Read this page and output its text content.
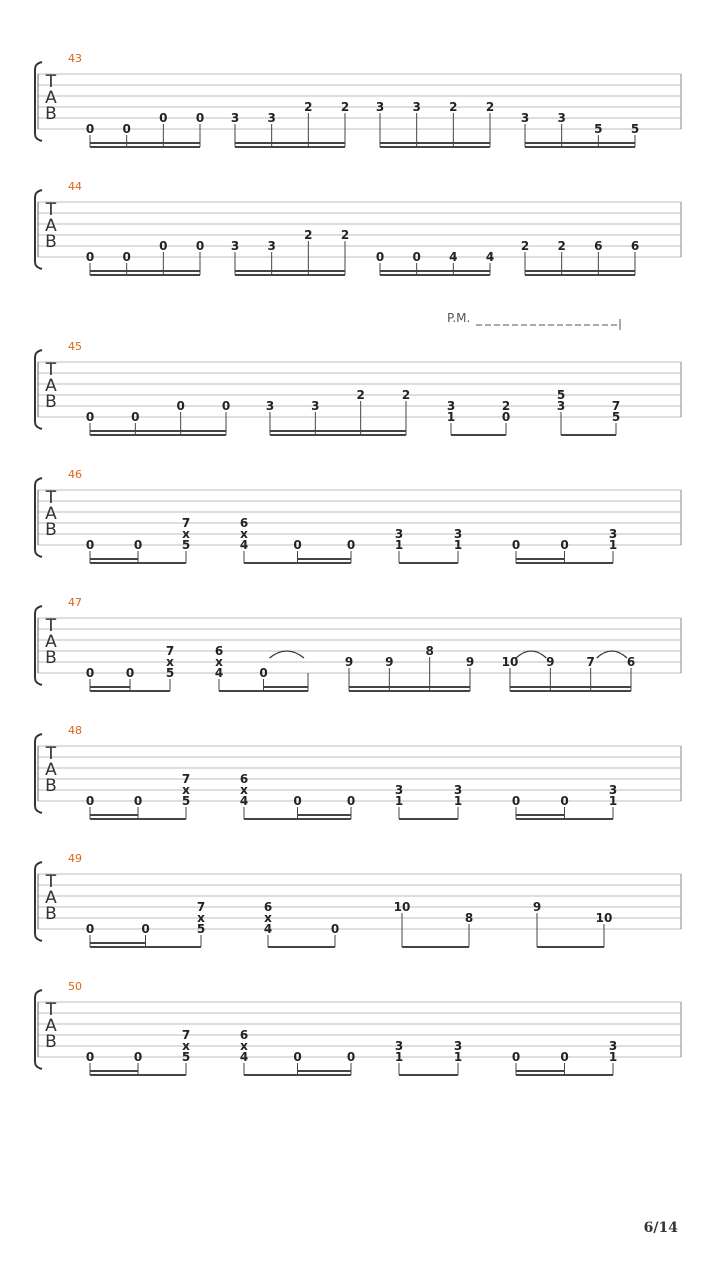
T
A
B
43
0 0
0 0 3 3
2 2 3 3 2 2
3 3
5 5
T
A
B
44
0 0
0 0 3 3
2 2
0 0 4 4
2 2 6 6
T
A
B
45
P.M.
0	0
0	0	3	3
2	2
3
1
2
0
5
3	7
5
T
A
B
46
0	0
7
x
5
6
x
4	0	0
3
1
3
1	0	0
3
1
T
A
B
47
0	0
7
x
5
6
x
4	0
9	9
8
9 10 9	7	6
T
A
B
48
0	0
7
x
5
6
x
4	0	0
3
1
3
1	0	0
3
1
T
A
B
49
0	0
7
x
5
6
x
4	0
10
8
9
10
T
A
B
50
0	0
7
x
5
6
x
4	0	0
3
1
3
1	0	0
3
1
6/14
